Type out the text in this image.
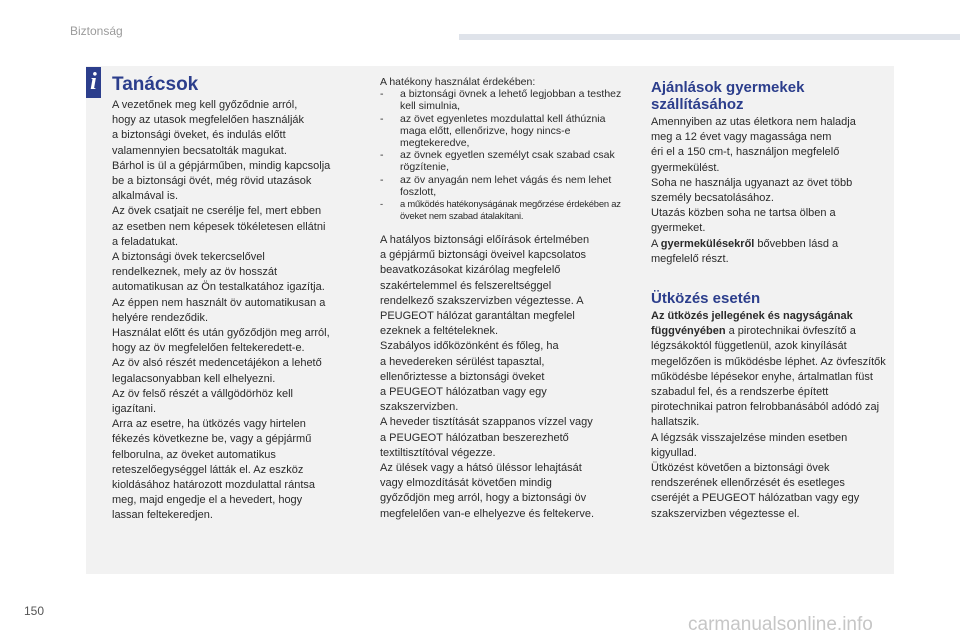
Biztonság
i Tanácsok

A vezetőnek meg kell győződnie arról,

hogy az utasok megfelelően használják

a biztonsági öveket, és indulás előtt

valamennyien becsatolták magukat.

Bárhol is ül a gépjárműben, mindig kapcsolja

be a biztonsági övét, még rövid utazások

alkalmával is.

Az övek csatjait ne cserélje fel, mert ebben

az esetben nem képesek tökéletesen ellátni

a feladatukat.

A biztonsági övek tekercselővel

rendelkeznek, mely az öv hosszát

automatikusan az Ön testalkatához igazítja.

Az éppen nem használt öv automatikusan a

helyére rendeződik.

Használat előtt és után győződjön meg arról,

hogy az öv megfelelően feltekeredett-e.

Az öv alsó részét medencetájékon a lehető

legalacsonyabban kell elhelyezni.

Az öv felső részét a vállgödörhöz kell

igazítani.

Arra az esetre, ha ütközés vagy hirtelen

fékezés következne be, vagy a gépjármű

felborulna, az öveket automatikus

reteszelőegységgel látták el. Az eszköz

kioldásához határozott mozdulattal rántsa

meg, majd engedje el a hevedert, hogy

lassan feltekeredjen.

A hatékony használat érdekében:

- a biztonsági övnek a lehető legjobban a testhez kell simulnia,
- az övet egyenletes mozdulattal kell áthúznia maga előtt, ellenőrizve, hogy nincs-e megtekeredve,
- az övnek egyetlen személyt csak szabad csak rögzítenie,
- az öv anyagán nem lehet vágás és nem lehet foszlott,
- a működés hatékonyságának megőrzése érdekében az öveket nem szabad átalakítani.

A hatályos biztonsági előírások értelmében

a gépjármű biztonsági öveivel kapcsolatos

beavatkozásokat kizárólag megfelelő

szakértelemmel és felszereltséggel

rendelkező szakszervizben végeztesse. A

PEUGEOT hálózat garantáltan megfelel

ezeknek a feltételeknek.

Szabályos időközönként és főleg, ha

a hevedereken sérülést tapasztal,

ellenőriztesse a biztonsági öveket

a PEUGEOT hálózatban vagy egy

szakszervizben.

A heveder tisztítását szappanos vízzel vagy

a PEUGEOT hálózatban beszerezhető

textiltisztítóval végezze.

Az ülések vagy a hátsó üléssor lehajtását

vagy elmozdítását követően mindig

győződjön meg arról, hogy a biztonsági öv

megfelelően van-e elhelyezve és feltekerve.

Ajánlások gyermekek szállításához

Amennyiben az utas életkora nem haladja

meg a 12 évet vagy magassága nem

éri el a 150 cm-t, használjon megfelelő

gyermekülést.

Soha ne használja ugyanazt az övet több

személy becsatolásához.

Utazás közben soha ne tartsa ölben a

gyermeket.

A gyermekülésekről bővebben lásd a

megfelelő részt.

Az ütközés jellegének és nagyságának függvényében a pirotechnikai övfeszítő a légzsákoktól függetlenül, azok kinyílását megelőzően is működésbe léphet. Az övfeszítők működésbe lépésekor enyhe, ártalmatlan füst szabadul fel, és a rendszerbe épített pirotechnikai patron felrobbanásából adódó zaj hallatszik.

A légzsák visszajelzése minden esetben

kigyullad.

Ütközést követően a biztonsági övek

rendszerének ellenőrzését és esetleges

cseréjét a PEUGEOT hálózatban vagy egy

szakszervizben végeztesse el.

Ütközés esetén
150
carmanualsonline.info
